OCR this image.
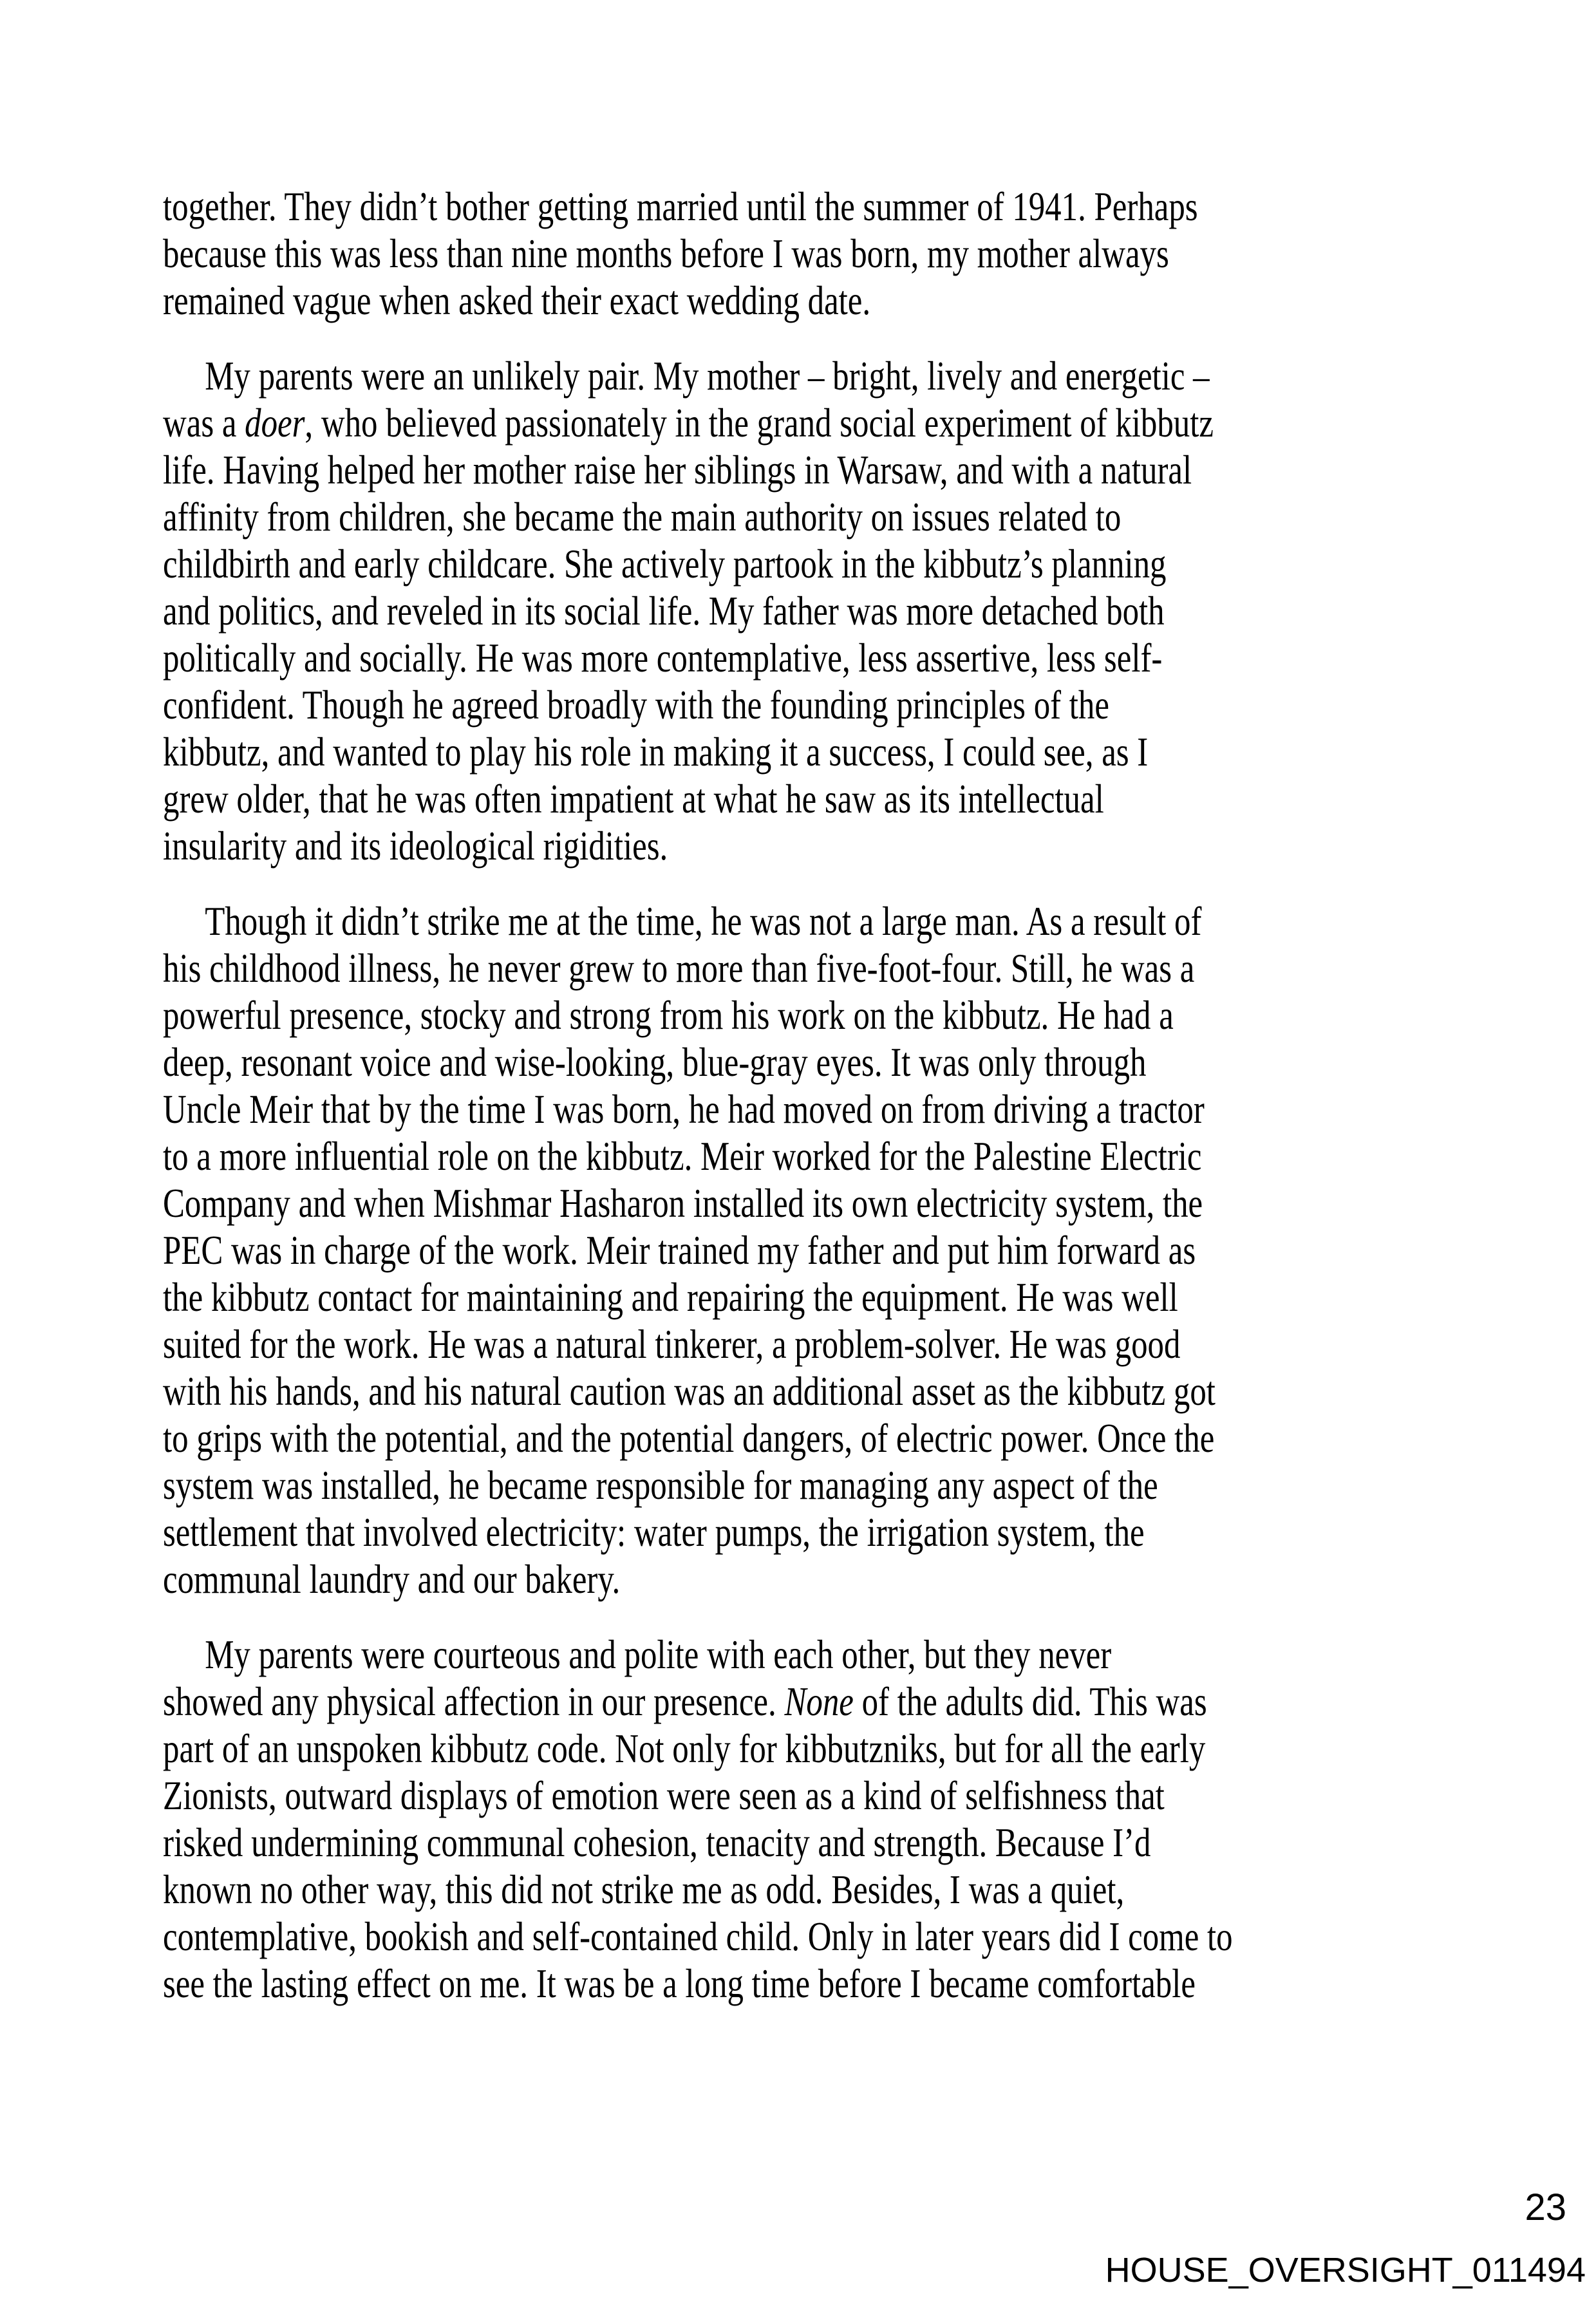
together. They didn’t bother getting married until the summer of 1941. Perhaps
because this was less than nine months before I was born, my mother always
remained vague when asked their exact wedding date.
My parents were an unlikely pair. My mother – bright, lively and energetic –
was a doer, who believed passionately in the grand social experiment of kibbutz
life. Having helped her mother raise her siblings in Warsaw, and with a natural
affinity from children, she became the main authority on issues related to
childbirth and early childcare. She actively partook in the kibbutz’s planning
and politics, and reveled in its social life. My father was more detached both
politically and socially. He was more contemplative, less assertive, less self-
confident. Though he agreed broadly with the founding principles of the
kibbutz, and wanted to play his role in making it a success, I could see, as I
grew older, that he was often impatient at what he saw as its intellectual
insularity and its ideological rigidities.
Though it didn’t strike me at the time, he was not a large man. As a result of
his childhood illness, he never grew to more than five-foot-four. Still, he was a
powerful presence, stocky and strong from his work on the kibbutz. He had a
deep, resonant voice and wise-looking, blue-gray eyes. It was only through
Uncle Meir that by the time I was born, he had moved on from driving a tractor
to a more influential role on the kibbutz. Meir worked for the Palestine Electric
Company and when Mishmar Hasharon installed its own electricity system, the
PEC was in charge of the work. Meir trained my father and put him forward as
the kibbutz contact for maintaining and repairing the equipment. He was well
suited for the work. He was a natural tinkerer, a problem-solver. He was good
with his hands, and his natural caution was an additional asset as the kibbutz got
to grips with the potential, and the potential dangers, of electric power. Once the
system was installed, he became responsible for managing any aspect of the
settlement that involved electricity: water pumps, the irrigation system, the
communal laundry and our bakery.
My parents were courteous and polite with each other, but they never
showed any physical affection in our presence. None of the adults did. This was
part of an unspoken kibbutz code. Not only for kibbutzniks, but for all the early
Zionists, outward displays of emotion were seen as a kind of selfishness that
risked undermining communal cohesion, tenacity and strength. Because I’d
known no other way, this did not strike me as odd. Besides, I was a quiet,
contemplative, bookish and self-contained child. Only in later years did I come to
see the lasting effect on me. It was be a long time before I became comfortable
23
HOUSE_OVERSIGHT_011494
